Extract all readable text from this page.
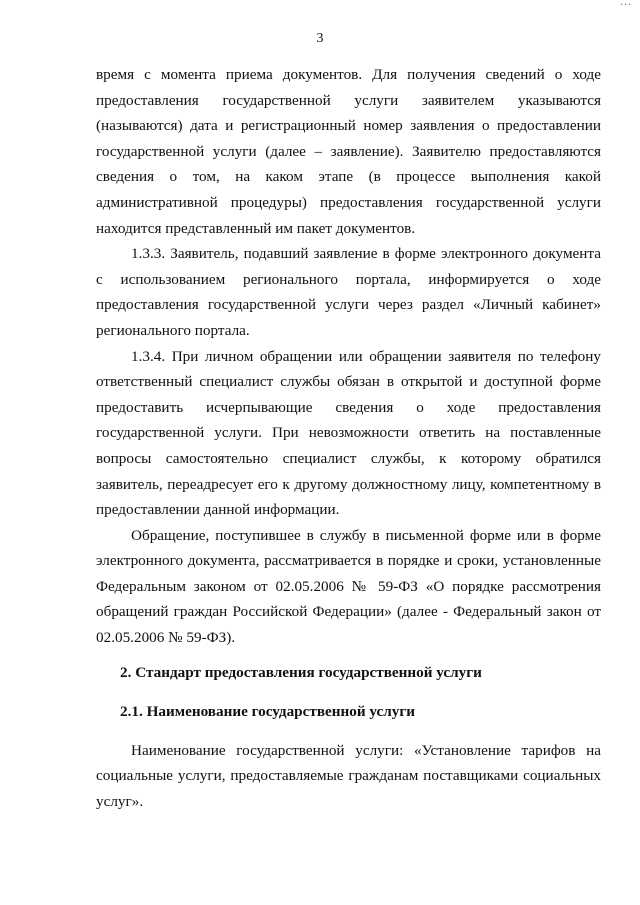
...
3

время с момента приема документов. Для получения сведений о ходе предоставления государственной услуги заявителем указываются (называются) дата и регистрационный номер заявления о предоставлении государственной услуги (далее – заявление). Заявителю предоставляются сведения о том, на каком этапе (в процессе выполнения какой административной процедуры) предоставления государственной услуги находится представленный им пакет документов.

1.3.3. Заявитель, подавший заявление в форме электронного документа с использованием регионального портала, информируется о ходе предоставления государственной услуги через раздел «Личный кабинет» регионального портала.

1.3.4. При личном обращении или обращении заявителя по телефону ответственный специалист службы обязан в открытой и доступной форме предоставить исчерпывающие сведения о ходе предоставления государственной услуги. При невозможности ответить на поставленные вопросы самостоятельно специалист службы, к которому обратился заявитель, переадресует его к другому должностному лицу, компетентному в предоставлении данной информации.

Обращение, поступившее в службу в письменной форме или в форме электронного документа, рассматривается в порядке и сроки, установленные Федеральным законом от 02.05.2006 № 59-ФЗ «О порядке рассмотрения обращений граждан Российской Федерации» (далее - Федеральный закон от 02.05.2006 № 59-ФЗ).

2. Стандарт предоставления государственной услуги

2.1. Наименование государственной услуги

Наименование государственной услуги: «Установление тарифов на социальные услуги, предоставляемые гражданам поставщиками социальных услуг».
